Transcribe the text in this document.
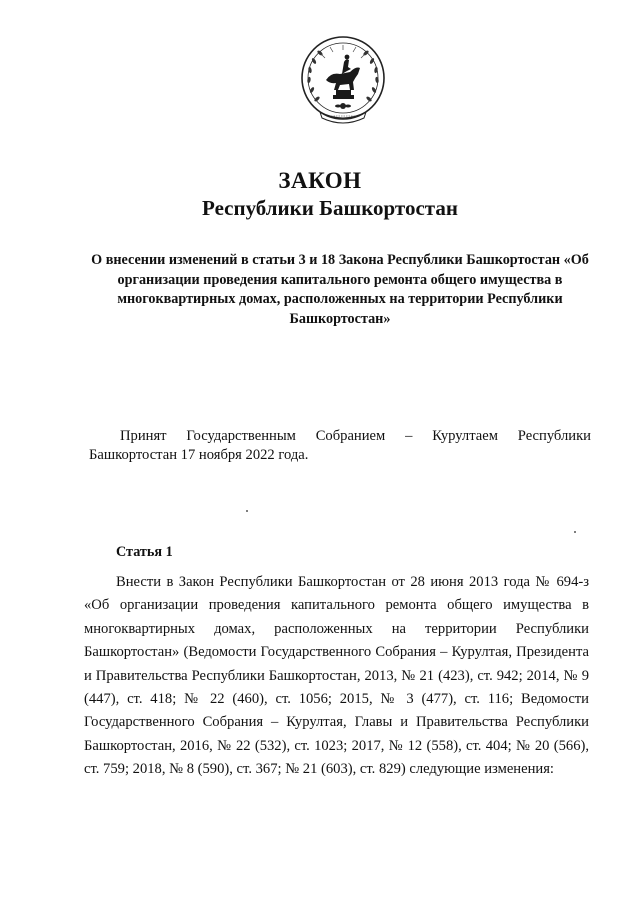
ЗАКОН
Республики Башкортостан
О внесении изменений в статьи 3 и 18 Закона Республики Башкортостан «Об организации проведения капитального ремонта общего имущества в многоквартирных домах, расположенных на территории Республики Башкортостан»
Принят Государственным Собранием – Курултаем Республики Башкортостан 17 ноября 2022 года.
Статья 1
Внести в Закон Республики Башкортостан от 28 июня 2013 года № 694-з «Об организации проведения капитального ремонта общего имущества в многоквартирных домах, расположенных на территории Республики Башкортостан» (Ведомости Государственного Собрания – Курултая, Президента и Правительства Республики Башкортостан, 2013, № 21 (423), ст. 942; 2014, № 9 (447), ст. 418; № 22 (460), ст. 1056; 2015, № 3 (477), ст. 116; Ведомости Государственного Собрания – Курултая, Главы и Правительства Республики Башкортостан, 2016, № 22 (532), ст. 1023; 2017, № 12 (558), ст. 404; № 20 (566), ст. 759; 2018, № 8 (590), ст. 367; № 21 (603), ст. 829) следующие изменения:
